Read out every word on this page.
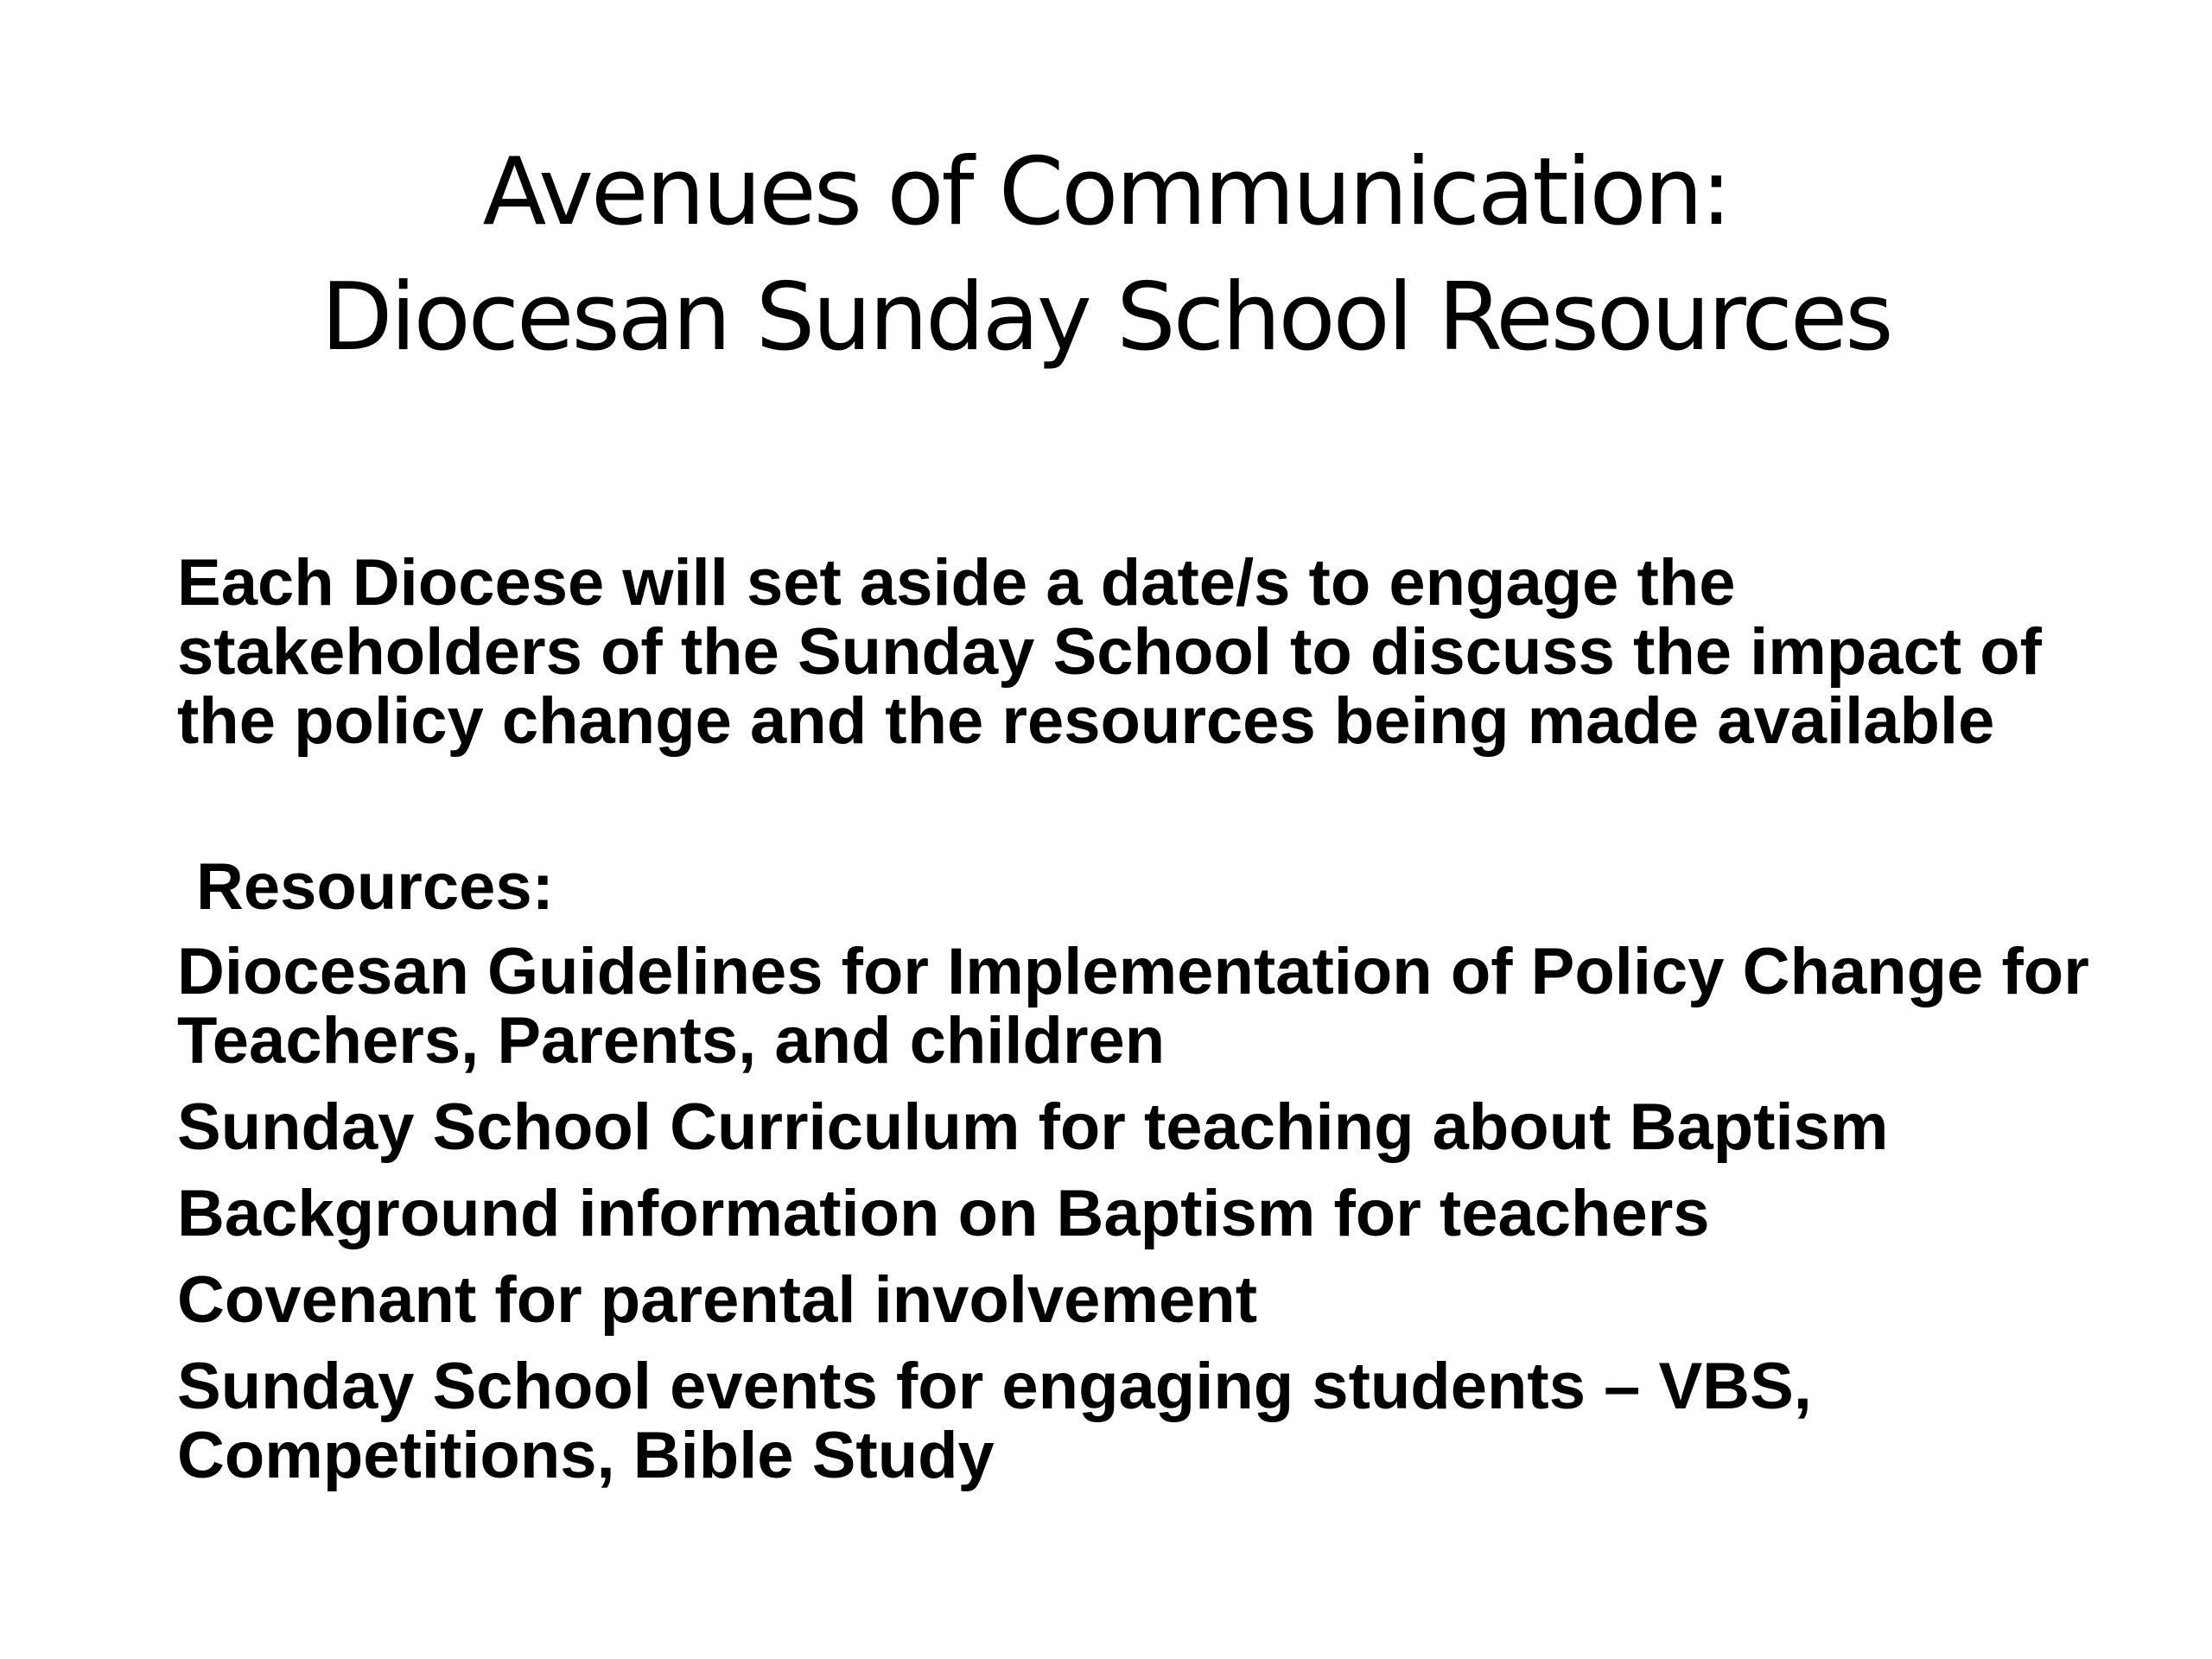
Avenues of Communication:
Diocesan Sunday School Resources

Each Diocese will set aside a date/s to engage the stakeholders of the Sunday School to discuss the impact of the policy change and the resources being made available

Resources:

Diocesan Guidelines for Implementation of Policy Change for Teachers, Parents, and children
Sunday School Curriculum for teaching about Baptism
Background information on Baptism for teachers
Covenant for parental involvement
Sunday School events for engaging students – VBS, Competitions, Bible Study
